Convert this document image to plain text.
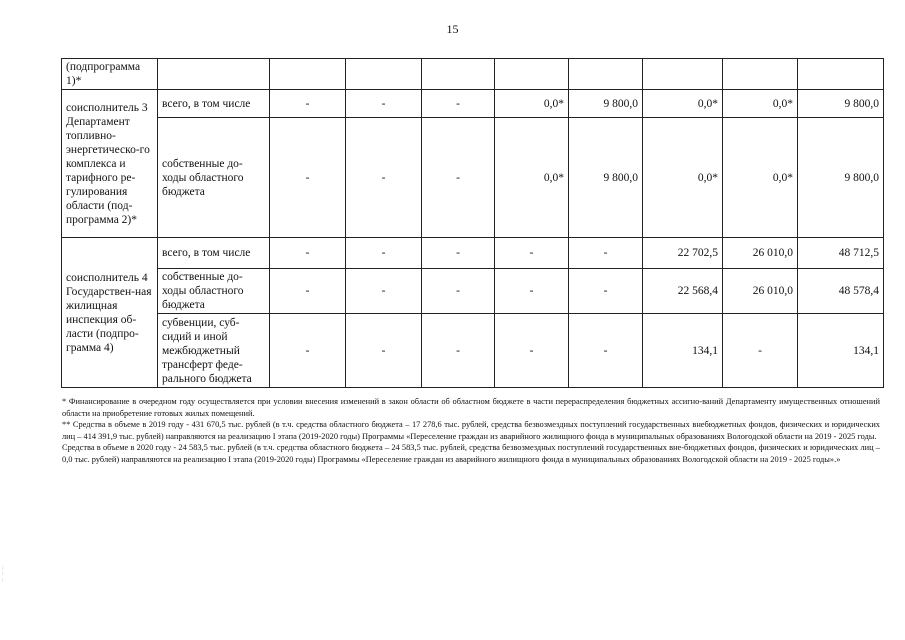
15
(подпрограмма 1)*									
соисполнитель 3 Департамент топливно-энергетическо-го комплекса и тарифного ре-гулирования области (под-программа 2)*	всего, в том числе	-	-	-	0,0*	9 800,0	0,0*	0,0*	9 800,0
	собственные до-ходы областного бюджета	-	-	-	0,0*	9 800,0	0,0*	0,0*	9 800,0
соисполнитель 4 Государствен-ная жилищная инспекция об-ласти (подпро-грамма 4)	всего, в том числе	-	-	-	-	-	22 702,5	26 010,0	48 712,5
	собственные до-ходы областного бюджета	-	-	-	-	-	22 568,4	26 010,0	48 578,4
	субвенции, суб-сидий и иной межбюджетный трансферт феде-рального бюджета	-	-	-	-	-	134,1	-	134,1

* Финансирование в очередном году осуществляется при условии внесения изменений в закон области об областном бюджете в части перераспределения бюджетных ассигно-ваний Департаменту имущественных отношений области на приобретение готовых жилых помещений.

** Средства в объеме в 2019 году - 431 670,5 тыс. рублей (в т.ч. средства областного бюджета – 17 278,6 тыс. рублей, средства безвозмездных поступлений государственных внебюджетных фондов, физических и юридических лиц – 414 391,9 тыс. рублей) направляются на реализацию I этапа (2019-2020 годы) Программы «Переселение граждан из аварийного жилищного фонда в муниципальных образованиях Вологодской области на 2019 - 2025 годы.

Средства в объеме в 2020 году - 24 583,5 тыс. рублей (в т.ч. средства областного бюджета – 24 583,5 тыс. рублей, средства безвозмездных поступлений государственных вне-бюджетных фондов, физических и юридических лиц – 0,0 тыс. рублей) направляются на реализацию I этапа (2019-2020 годы) Программы «Переселение граждан из аварийного жилищного фонда в муниципальных образованиях Вологодской области на 2019 - 2025 годы».»

:
:
:
